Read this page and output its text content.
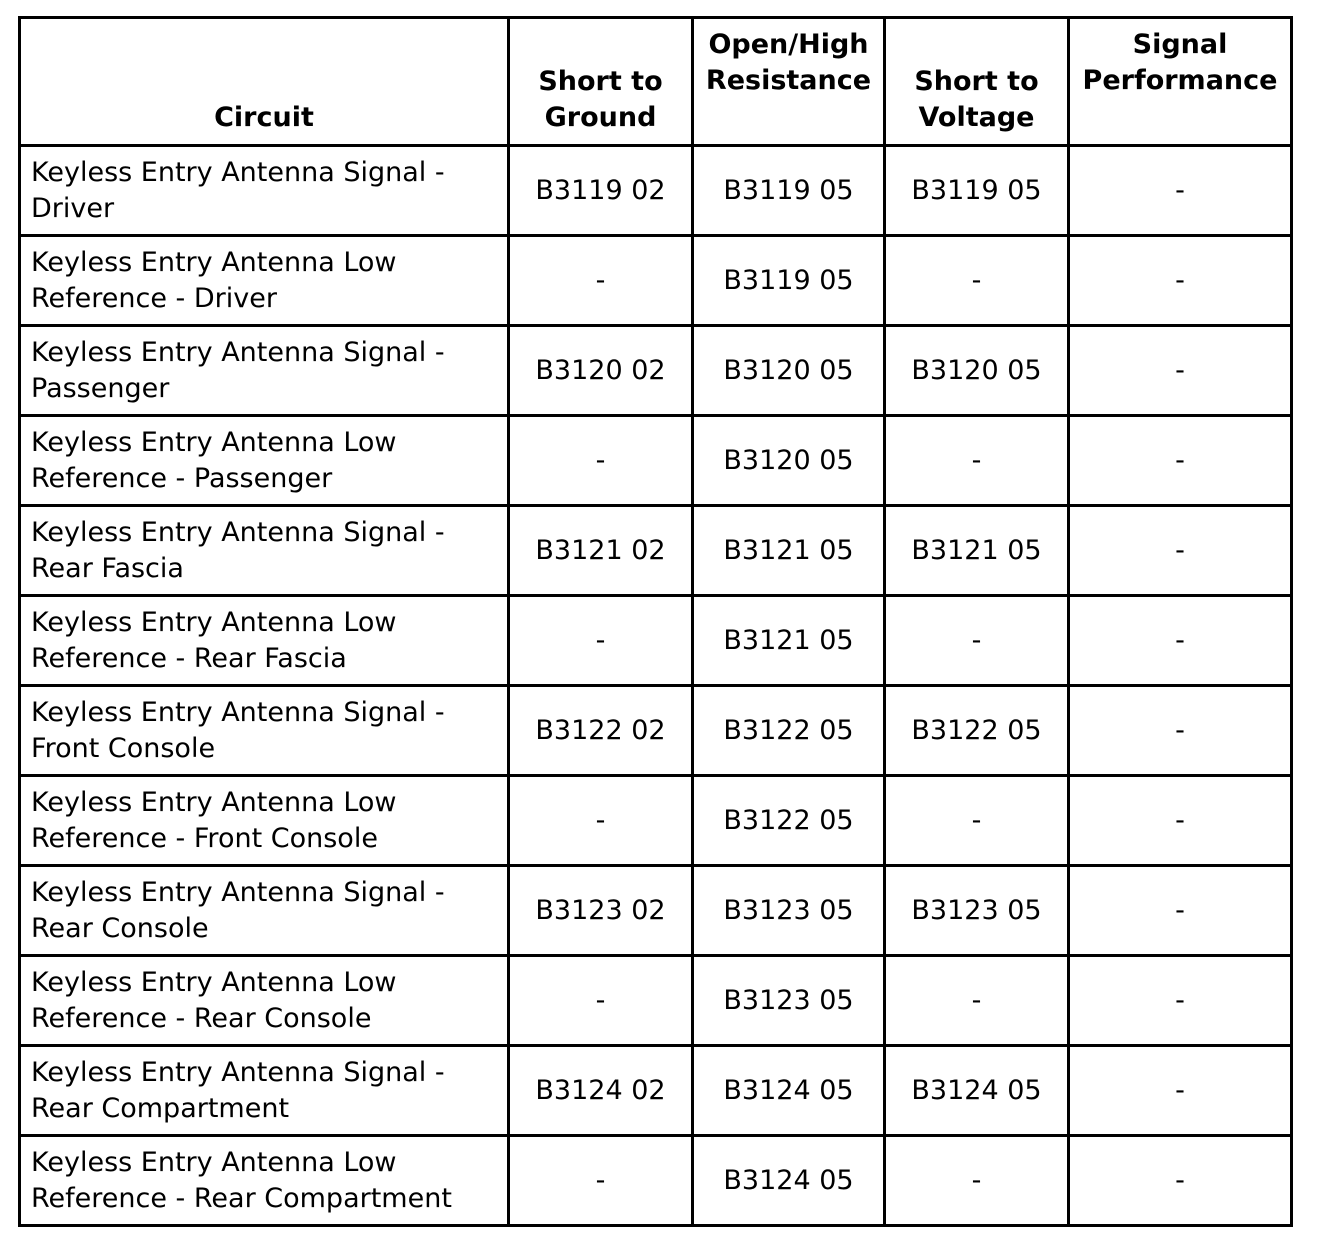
Circuit	Short to Ground	Open/High Resistance	Short to Voltage	Signal Performance
Keyless Entry Antenna Signal - Driver	B3119 02	B3119 05	B3119 05	-
Keyless Entry Antenna Low Reference - Driver	-	B3119 05	-	-
Keyless Entry Antenna Signal - Passenger	B3120 02	B3120 05	B3120 05	-
Keyless Entry Antenna Low Reference - Passenger	-	B3120 05	-	-
Keyless Entry Antenna Signal - Rear Fascia	B3121 02	B3121 05	B3121 05	-
Keyless Entry Antenna Low Reference - Rear Fascia	-	B3121 05	-	-
Keyless Entry Antenna Signal - Front Console	B3122 02	B3122 05	B3122 05	-
Keyless Entry Antenna Low Reference - Front Console	-	B3122 05	-	-
Keyless Entry Antenna Signal - Rear Console	B3123 02	B3123 05	B3123 05	-
Keyless Entry Antenna Low Reference - Rear Console	-	B3123 05	-	-
Keyless Entry Antenna Signal - Rear Compartment	B3124 02	B3124 05	B3124 05	-
Keyless Entry Antenna Low Reference - Rear Compartment	-	B3124 05	-	-
